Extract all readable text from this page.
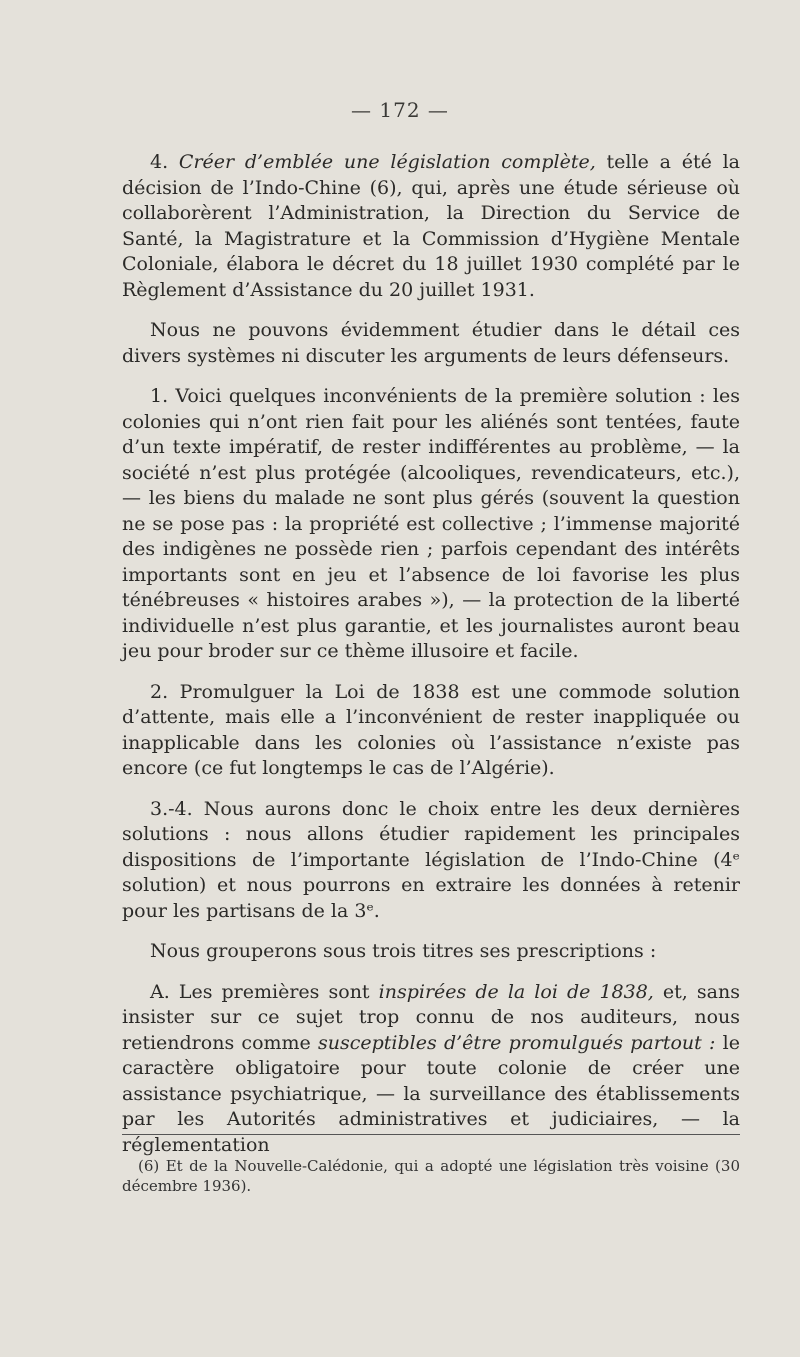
— 172 —

4. Créer d’emblée une législation complète, telle a été la décision de l’Indo-Chine (6), qui, après une étude sérieuse où collaborèrent l’Administration, la Direction du Service de Santé, la Magistrature et la Commission d’Hygiène Mentale Coloniale, élabora le décret du 18 juillet 1930 complété par le Règlement d’Assistance du 20 juillet 1931.

Nous ne pouvons évidemment étudier dans le détail ces divers systèmes ni discuter les arguments de leurs défenseurs.

1. Voici quelques inconvénients de la première solution : les colonies qui n’ont rien fait pour les aliénés sont tentées, faute d’un texte impératif, de rester indifférentes au problème, — la société n’est plus protégée (alcooliques, revendicateurs, etc.), — les biens du malade ne sont plus gérés (souvent la question ne se pose pas : la propriété est collective ; l’immense majorité des indigènes ne possède rien ; parfois cependant des intérêts importants sont en jeu et l’absence de loi favorise les plus ténébreuses « histoires arabes »), — la protection de la liberté individuelle n’est plus garantie, et les journalistes auront beau jeu pour broder sur ce thème illusoire et facile.

2. Promulguer la Loi de 1838 est une commode solution d’attente, mais elle a l’inconvénient de rester inappliquée ou inapplicable dans les colonies où l’assistance n’existe pas encore (ce fut longtemps le cas de l’Algérie).

3.-4. Nous aurons donc le choix entre les deux dernières solutions : nous allons étudier rapidement les principales dispositions de l’importante législation de l’Indo-Chine (4ᵉ solution) et nous pourrons en extraire les données à retenir pour les partisans de la 3ᵉ.

Nous grouperons sous trois titres ses prescriptions :

A. Les premières sont inspirées de la loi de 1838, et, sans insister sur ce sujet trop connu de nos auditeurs, nous retiendrons comme susceptibles d’être promulgués partout : le caractère obligatoire pour toute colonie de créer une assistance psychiatrique, — la surveillance des établissements par les Autorités administratives et judiciaires, — la réglementation

(6) Et de la Nouvelle-Calédonie, qui a adopté une législation très voisine (30 décembre 1936).
